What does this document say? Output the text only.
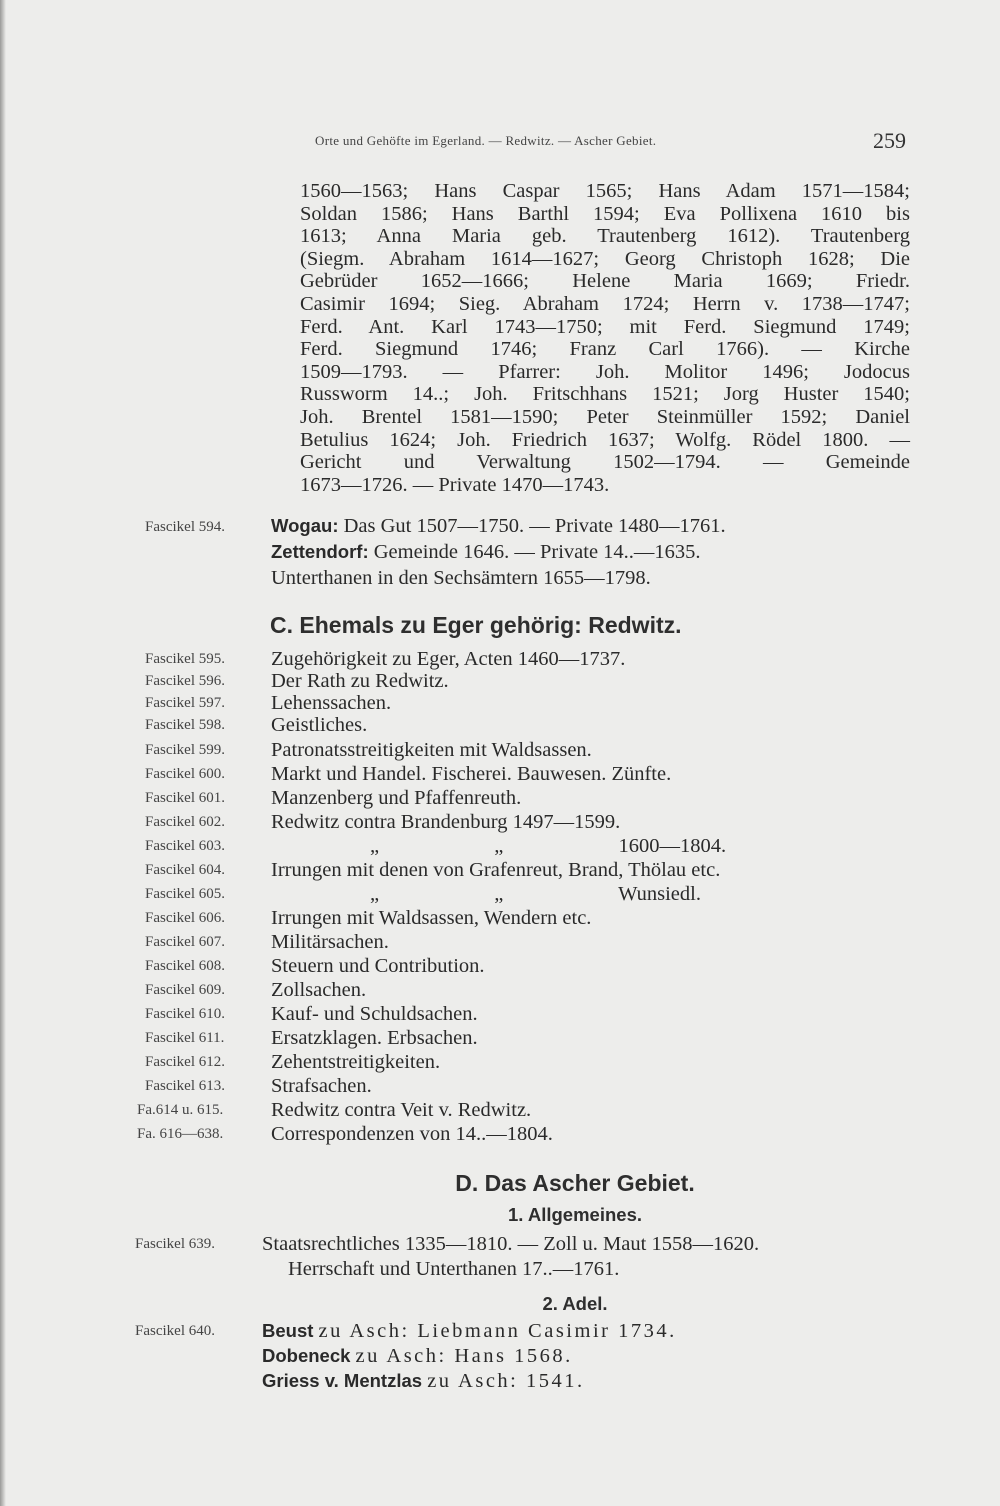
Orte und Gehöfte im Egerland. — Redwitz. — Ascher Gebiet.	259
1560—1563; Hans Caspar 1565; Hans Adam 1571—1584;
Soldan 1586; Hans Barthl 1594; Eva Pollixena 1610 bis
1613; Anna Maria geb. Trautenberg 1612). Trautenberg
(Siegm. Abraham 1614—1627; Georg Christoph 1628; Die
Gebrüder 1652—1666; Helene Maria 1669; Friedr.
Casimir 1694; Sieg. Abraham 1724; Herrn v. 1738—1747;
Ferd. Ant. Karl 1743—1750; mit Ferd. Siegmund 1749;
Ferd. Siegmund 1746; Franz Carl 1766). — Kirche
1509—1793. — Pfarrer: Joh. Molitor 1496; Jodocus
Russworm 14..; Joh. Fritschhans 1521; Jorg Huster 1540;
Joh. Brentel 1581—1590; Peter Steinmüller 1592; Daniel
Betulius 1624; Joh. Friedrich 1637; Wolfg. Rödel 1800. —
Gericht und Verwaltung 1502—1794. — Gemeinde
1673—1726. — Private 1470—1743.
Fascikel 594. Wogau: Das Gut 1507—1750. — Private 1480—1761.
Zettendorf: Gemeinde 1646. — Private 14..—1635.
Unterthanen in den Sechsämtern 1655—1798.
C. Ehemals zu Eger gehörig: Redwitz.
Fascikel 595. Zugehörigkeit zu Eger, Acten 1460—1737.
Fascikel 596. Der Rath zu Redwitz.
Fascikel 597. Lehenssachen.
Fascikel 598. Geistliches.
Fascikel 599. Patronatsstreitigkeiten mit Waldsassen.
Fascikel 600. Markt und Handel. Fischerei. Bauwesen. Zünfte.
Fascikel 601. Manzenberg und Pfaffenreuth.
Fascikel 602. Redwitz contra Brandenburg 1497—1599.
Fascikel 603.	„ „ 1600—1804.
Fascikel 604. Irrungen mit denen von Grafenreut, Brand, Thölau etc.
Fascikel 605.	„ „ Wunsiedl.
Fascikel 606. Irrungen mit Waldsassen, Wendern etc.
Fascikel 607. Militärsachen.
Fascikel 608. Steuern und Contribution.
Fascikel 609. Zollsachen.
Fascikel 610. Kauf- und Schuldsachen.
Fascikel 611. Ersatzklagen. Erbsachen.
Fascikel 612. Zehentstreitigkeiten.
Fascikel 613. Strafsachen.
Fa.614 u. 615. Redwitz contra Veit v. Redwitz.
Fa. 616—638. Correspondenzen von 14..—1804.
D. Das Ascher Gebiet.
1. Allgemeines.
Fascikel 639. Staatsrechtliches 1335—1810. — Zoll u. Maut 1558—1620.
Herrschaft und Unterthanen 17..—1761.
2. Adel.
Fascikel 640.	Beust zu Asch: Liebmann Casimir 1734.
Dobeneck zu Asch: Hans 1568.
Griess v. Mentzlas zu Asch: 1541.
